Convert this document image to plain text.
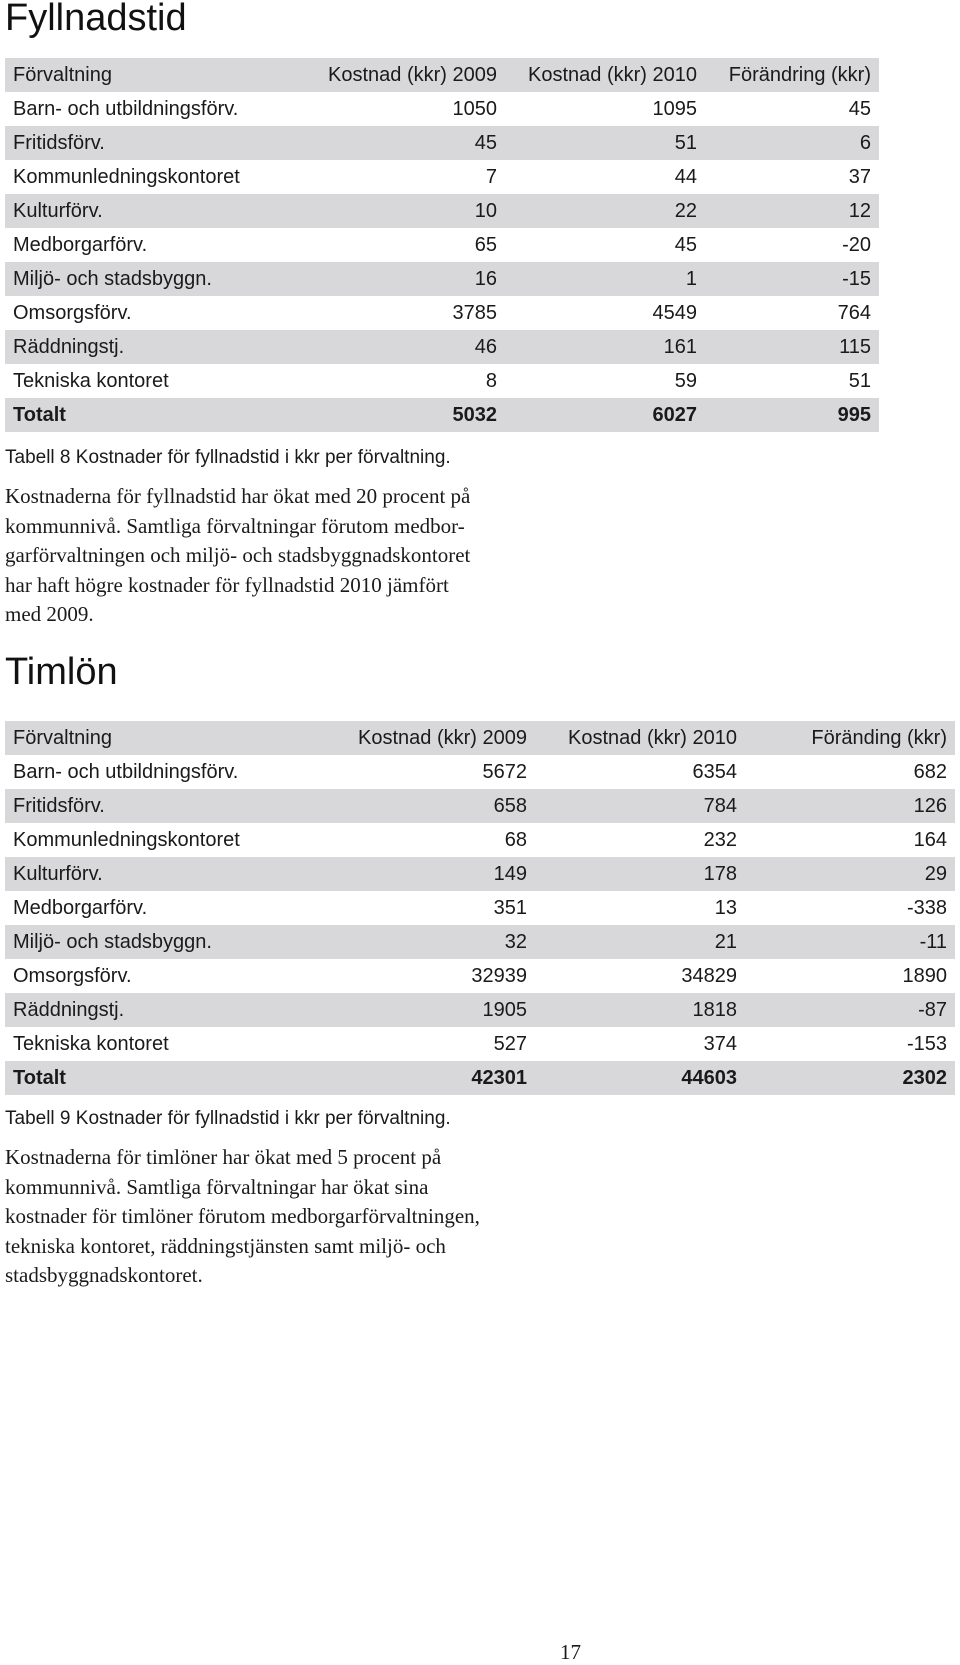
Fyllnadstid
Förvaltning	Kostnad (kkr) 2009	Kostnad (kkr) 2010	Förändring (kkr)
Barn- och utbildningsförv.	1050	1095	45
Fritidsförv.	45	51	6
Kommunledningskontoret	7	44	37
Kulturförv.	10	22	12
Medborgarförv.	65	45	-20
Miljö- och stadsbyggn.	16	1	-15
Omsorgsförv.	3785	4549	764
Räddningstj.	46	161	115
Tekniska kontoret	8	59	51
Totalt	5032	6027	995

Tabell 8 Kostnader för fyllnadstid i kkr per förvaltning.

Kostnaderna för fyllnadstid har ökat med 20 procent på
kommunnivå. Samtliga förvaltningar förutom medbor-
garförvaltningen och miljö- och stadsbyggnadskontoret
har haft högre kostnader för fyllnadstid 2010 jämfört
med 2009.

Timlön
Förvaltning	Kostnad (kkr) 2009	Kostnad (kkr) 2010	Föränding (kkr)
Barn- och utbildningsförv.	5672	6354	682
Fritidsförv.	658	784	126
Kommunledningskontoret	68	232	164
Kulturförv.	149	178	29
Medborgarförv.	351	13	-338
Miljö- och stadsbyggn.	32	21	-11
Omsorgsförv.	32939	34829	1890
Räddningstj.	1905	1818	-87
Tekniska kontoret	527	374	-153
Totalt	42301	44603	2302

Tabell 9 Kostnader för fyllnadstid i kkr per förvaltning.

Kostnaderna för timlöner har ökat med 5 procent på
kommunnivå. Samtliga förvaltningar har ökat sina
kostnader för timlöner förutom medborgarförvaltningen,
tekniska kontoret, räddningstjänsten samt miljö- och
stadsbyggnadskontoret.

17
